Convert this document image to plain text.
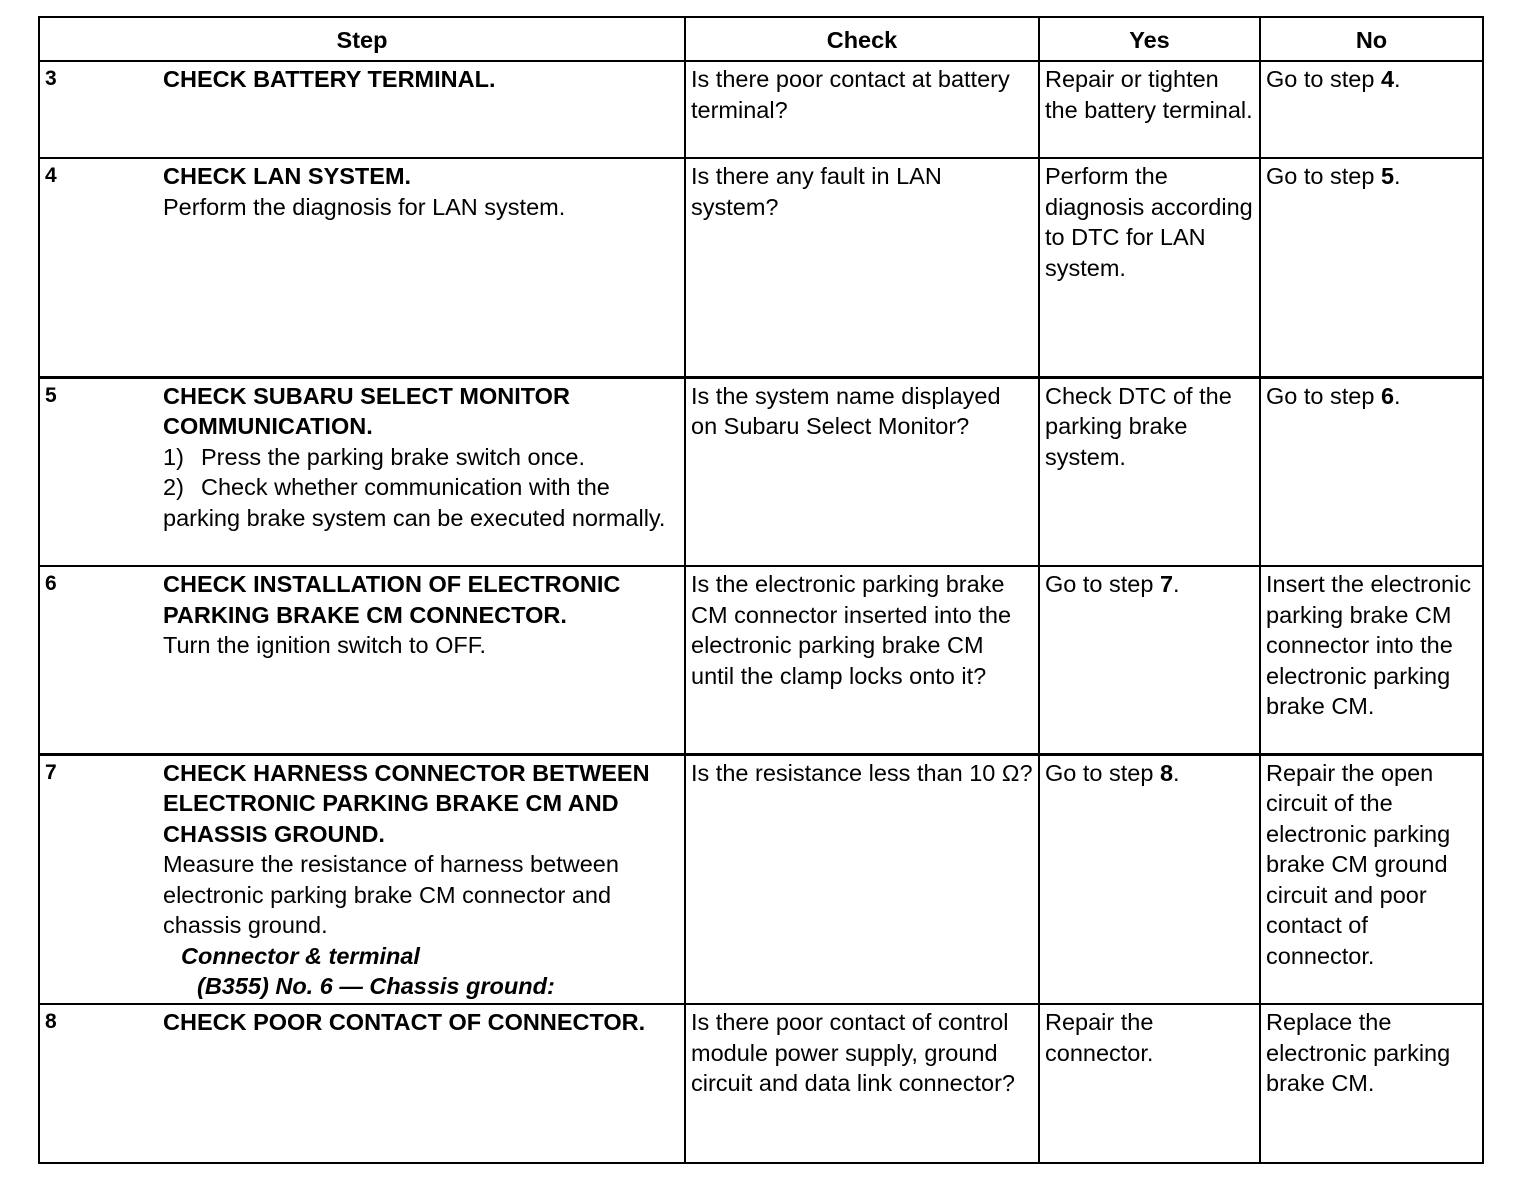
Step	Check	Yes	No

3 CHECK BATTERY TERMINAL.	Is there poor contact at battery terminal?	Repair or tighten the battery terminal.	Go to step 4.

4 CHECK LAN SYSTEM.
Perform the diagnosis for LAN system.	Is there any fault in LAN system?	Perform the diagnosis according to DTC for LAN system.	Go to step 5.

5 CHECK SUBARU SELECT MONITOR COMMUNICATION.
1) Press the parking brake switch once.
2) Check whether communication with the parking brake system can be executed normally.	Is the system name displayed on Subaru Select Monitor?	Check DTC of the parking brake system.	Go to step 6.

6 CHECK INSTALLATION OF ELECTRONIC PARKING BRAKE CM CONNECTOR.
Turn the ignition switch to OFF.	Is the electronic parking brake CM connector inserted into the electronic parking brake CM until the clamp locks onto it?	Go to step 7.	Insert the electronic parking brake CM connector into the electronic parking brake CM.

7 CHECK HARNESS CONNECTOR BETWEEN ELECTRONIC PARKING BRAKE CM AND CHASSIS GROUND.
Measure the resistance of harness between electronic parking brake CM connector and chassis ground.
Connector & terminal
(B355) No. 6 — Chassis ground:	Is the resistance less than 10 Ω?	Go to step 8.	Repair the open circuit of the electronic parking brake CM ground circuit and poor contact of connector.

8 CHECK POOR CONTACT OF CONNECTOR.	Is there poor contact of control module power supply, ground circuit and data link connector?	Repair the connector.	Replace the electronic parking brake CM.
